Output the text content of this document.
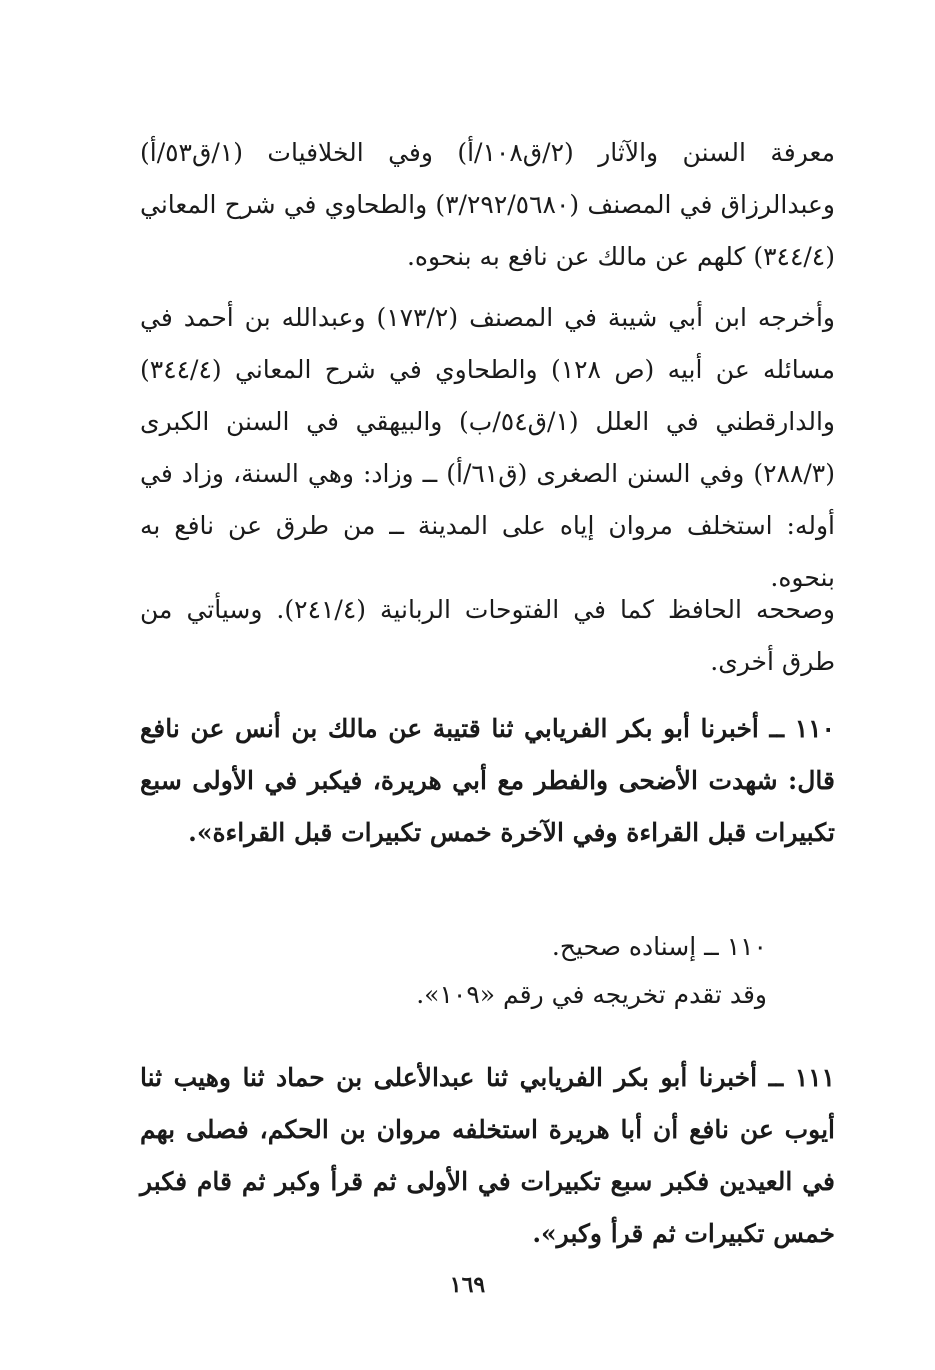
معرفة السنن والآثار (٢/ق١٠٨/أ) وفي الخلافيات (١/ق٥٣/أ) وعبدالرزاق في المصنف (٣/٢٩٢/٥٦٨٠) والطحاوي في شرح المعاني (٣٤٤/٤) كلهم عن مالك عن نافع به بنحوه.

وأخرجه ابن أبي شيبة في المصنف (١٧٣/٢) وعبدالله بن أحمد في مسائله عن أبيه (ص ١٢٨) والطحاوي في شرح المعاني (٣٤٤/٤) والدارقطني في العلل (١/ق٥٤/ب) والبيهقي في السنن الكبرى (٢٨٨/٣) وفي السنن الصغرى (ق٦١/أ) ــ وزاد: وهي السنة، وزاد في أوله: استخلف مروان إياه على المدينة ــ من طرق عن نافع به بنحوه.

وصححه الحافظ كما في الفتوحات الربانية (٢٤١/٤). وسيأتي من طرق أخرى.

١١٠ ــ أخبرنا أبو بكر الفريابي ثنا قتيبة عن مالك بن أنس عن نافع قال: شهدت الأضحى والفطر مع أبي هريرة، فيكبر في الأولى سبع تكبيرات قبل القراءة وفي الآخرة خمس تكبيرات قبل القراءة».

١١٠ ــ إسناده صحيح.
وقد تقدم تخريجه في رقم «١٠٩».

١١١ ــ أخبرنا أبو بكر الفريابي ثنا عبدالأعلى بن حماد ثنا وهيب ثنا أيوب عن نافع أن أبا هريرة استخلفه مروان بن الحكم، فصلى بهم في العيدين فكبر سبع تكبيرات في الأولى ثم قرأ وكبر ثم قام فكبر خمس تكبيرات ثم قرأ وكبر».

١٦٩
